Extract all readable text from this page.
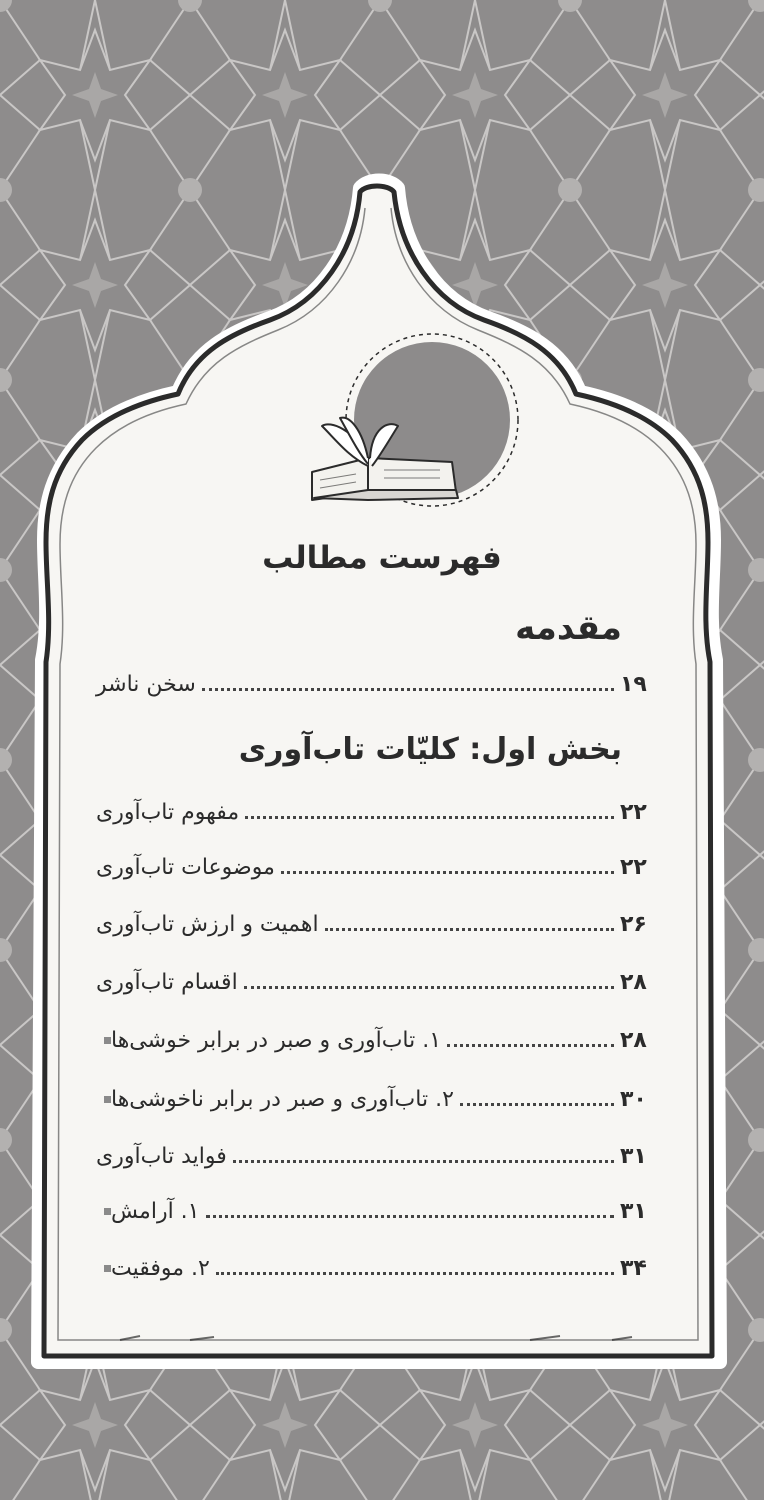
فهرست مطالب
مقدمه
سخن ناشر	۱۹
بخش اول: کلیّات تاب‌آوری
مفهوم تاب‌آوری	۲۲
موضوعات تاب‌آوری	۲۲
اهمیت و ارزش تاب‌آوری	۲۶
اقسام تاب‌آوری	۲۸
۱. تاب‌آوری و صبر در برابر خوشی‌ها	۲۸
۲. تاب‌آوری و صبر در برابر ناخوشی‌ها	۳۰
فواید تاب‌آوری	۳۱
۱. آرامش	۳۱
۲. موفقیت	۳۴
